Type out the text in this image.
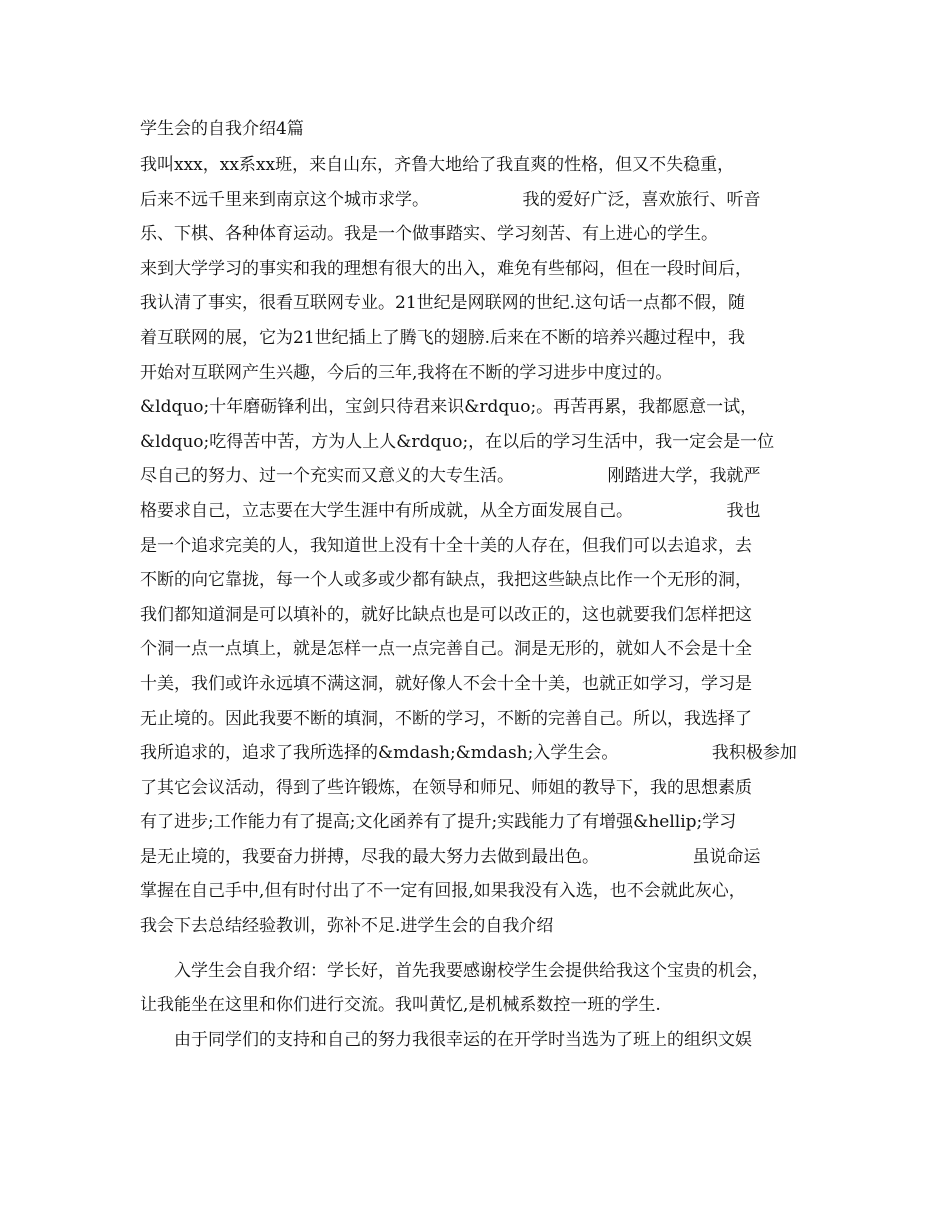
学生会的自我介绍4篇
我叫xxx，xx系xx班，来自山东，齐鲁大地给了我直爽的性格，但又不失稳重，
后来不远千里来到南京这个城市求学。　　　　　　我的爱好广泛，喜欢旅行、听音
乐、下棋、各种体育运动。我是一个做事踏实、学习刻苦、有上进心的学生。
来到大学学习的事实和我的理想有很大的出入，难免有些郁闷，但在一段时间后，
我认清了事实，很看互联网专业。21世纪是网联网的世纪.这句话一点都不假，随
着互联网的展，它为21世纪插上了腾飞的翅膀.后来在不断的培养兴趣过程中，我
开始对互联网产生兴趣，今后的三年,我将在不断的学习进步中度过的。
&ldquo;十年磨砺锋利出，宝剑只待君来识&rdquo;。再苦再累，我都愿意一试，
&ldquo;吃得苦中苦，方为人上人&rdquo;，在以后的学习生活中，我一定会是一位
尽自己的努力、过一个充实而又意义的大专生活。　　　　　　刚踏进大学，我就严
格要求自己，立志要在大学生涯中有所成就，从全方面发展自己。　　　　　　我也
是一个追求完美的人，我知道世上没有十全十美的人存在，但我们可以去追求，去
不断的向它靠拢，每一个人或多或少都有缺点，我把这些缺点比作一个无形的洞，
我们都知道洞是可以填补的，就好比缺点也是可以改正的，这也就要我们怎样把这
个洞一点一点填上，就是怎样一点一点完善自己。洞是无形的，就如人不会是十全
十美，我们或许永远填不满这洞，就好像人不会十全十美，也就正如学习，学习是
无止境的。因此我要不断的填洞，不断的学习，不断的完善自己。所以，我选择了
我所追求的，追求了我所选择的&mdash;&mdash;入学生会。　　　　　　我积极参加
了其它会议活动，得到了些许锻炼，在领导和师兄、师姐的教导下，我的思想素质
有了进步;工作能力有了提高;文化函养有了提升;实践能力了有增强&hellip;学习
是无止境的，我要奋力拼搏，尽我的最大努力去做到最出色。　　　　　　虽说命运
掌握在自己手中,但有时付出了不一定有回报,如果我没有入选，也不会就此灰心，
我会下去总结经验教训，弥补不足.进学生会的自我介绍
　　入学生会自我介绍：学长好，首先我要感谢校学生会提供给我这个宝贵的机会，
让我能坐在这里和你们进行交流。我叫黄忆,是机械系数控一班的学生.
　　由于同学们的支持和自己的努力我很幸运的在开学时当选为了班上的组织文娱
